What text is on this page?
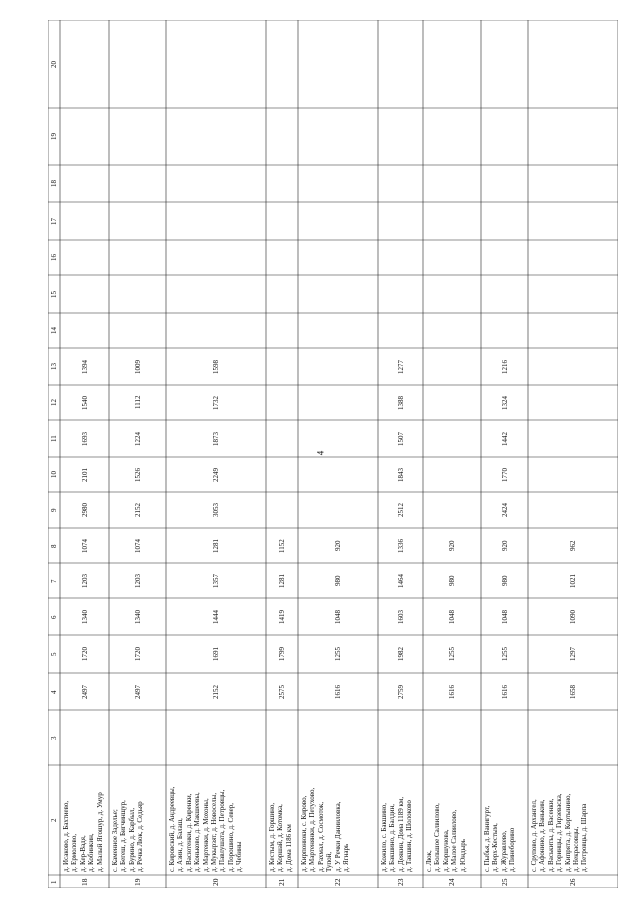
4
1
2
3
4
5
6
7
8
9
10
11
12
13
14
15
16
17
18
19
20
18
д. Исаково, д. Бахтиево, д. Ермолово, д. Кер-Вадя, д. Кобинкин, д. Малый Ягошур, д. Умур
2497
1720
1340
1203
1074
2980
2101
1693
1540
1394
19
с. Каменное Заделье; д. Бегеш, д. Бигчинщур, д. Бурино, д. Карбыл, д. Речка Люк, д. Седьяр
2497
1720
1340
1203
1074
2152
1526
1224
1112
1009
20
с. Кировский, д. Андреевцы, д. Азин, д. Балаш, д. Васютенки, д. Киренки, д. Коньково, д. Макшеевы, д. Мартенки, д. Мохоны, д. Мукырзят, д. Новоселы, д. Павлушата, д. Петровцы, д. Порошино, д. Север, д. Чебины
2152
1691
1444
1357
1281
3053
2249
1873
1732
1598
21
д. Кестым, д. Горшино, д. Коршай, д. Котомка, д. Дома 1186 км
2575
1799
1419
1281
1152
22
д. Кирпонюки, с. Кирово, д. Мартенянки, д. Петухово, д. Рахмал, д. Сосмоток, Тупой, д. У Речки Данииловка, д. Ягнарь
1616
1255
1048
980
920
23
д. Кожило, с. Бакшино, д. Бакшино, д. Балдин, д. Деякин, Дома 1189 км, д. Такшин, д. Шолоково
2759
1982
1603
1464
1336
2512
1843
1507
1388
1277
24
с. Люк, д. Большое Салвилово, д. Коршунова, д. Малое Салвилово, д. Юндырь
1616
1255
1048
980
920
25
с. Пыбья, д. Ванигурт, д. Верх-Кестым, д. Журавлево, д. Пинеборино
1616
1255
1048
980
920
2424
1770
1442
1324
1216
26
с. Срупово, д. Архангел, д. Афонино, д. Ванькин, д. Васькиты, д. Васенки, д. Горинцы, д. Гирзеваска, д. Кипрята, д. Кортынино, д. Некрасовцы, д. Петровцы, д. Шарпа
1658
1297
1090
1021
962
